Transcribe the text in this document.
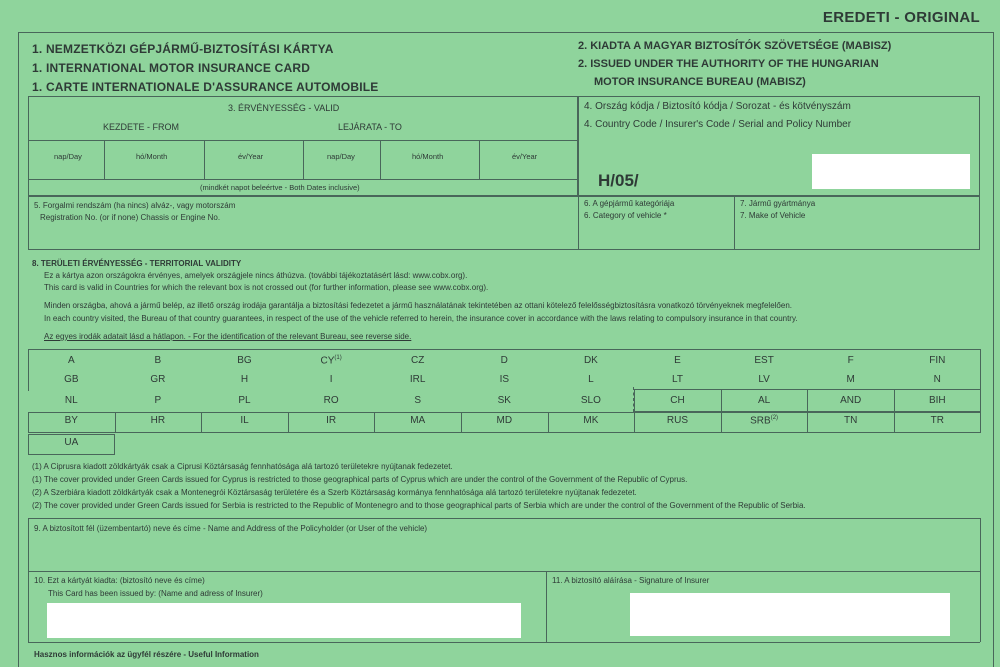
EREDETI - ORIGINAL
1. NEMZETKÖZI GÉPJÁRMŰ-BIZTOSÍTÁSI KÁRTYA
1. INTERNATIONAL MOTOR INSURANCE CARD
1. CARTE INTERNATIONALE D'ASSURANCE AUTOMOBILE
2. KIADTA A MAGYAR BIZTOSÍTÓK SZÖVETSÉGE (MABISZ)
2. ISSUED UNDER THE AUTHORITY OF THE HUNGARIAN
MOTOR INSURANCE BUREAU (MABISZ)
3. ÉRVÉNYESSÉG - VALID
KEZDETE - FROM	LEJÁRATA - TO
nap/Day	hó/Month	év/Year	nap/Day	hó/Month	év/Year
(mindkét napot beleértve - Both Dates inclusive)
4. Ország kódja / Biztosító kódja / Sorozat - és kötvényszám
4. Country Code / Insurer's Code / Serial and Policy Number
H/05/
5. Forgalmi rendszám (ha nincs) alváz-, vagy motorszám
Registration No. (or if none) Chassis or Engine No.
6. A gépjármű kategóriája
6. Category of vehicle *
7. Jármű gyártmánya
7. Make of Vehicle
8. TERÜLETI ÉRVÉNYESSÉG - TERRITORIAL VALIDITY
Ez a kártya azon országokra érvényes, amelyek országjele nincs áthúzva. (további tájékoztatásért lásd: www.cobx.org).
This card is valid in Countries for which the relevant box is not crossed out (for further information, please see www.cobx.org).
Minden országba, ahová a jármű belép, az illető ország irodája garantálja a biztosítási fedezetet a jármű használatának tekintetében az ottani kötelező felelősségbiztosításra vonatkozó törvényeknek megfelelően.
In each country visited, the Bureau of that country guarantees, in respect of the use of the vehicle referred to herein, the insurance cover in accordance with the laws relating to compulsory insurance in that country.
Az egyes irodák adatait lásd a hátlapon. - For the identification of the relevant Bureau, see reverse side.
A	B	BG	CY$^{(1)}$	CZ	D	DK	E	EST	F	FIN
GB	GR	H	I	IRL	IS	L	LT	LV	M	N
NL	P	PL	RO	S	SK	SLO	CH	AL	AND	BIH
BY	HR	IL	IR	MA	MD	MK	RUS	SRB$^{(2)}$	TN	TR
UA
(1) A Ciprusra kiadott zöldkártyák csak a Ciprusi Köztársaság fennhatósága alá tartozó területekre nyújtanak fedezetet.
(1) The cover provided under Green Cards issued for Cyprus is restricted to those geographical parts of Cyprus which are under the control of the Government of the Republic of Cyprus.
(2) A Szerbiára kiadott zöldkártyák csak a Montenegrói Köztársaság területére és a Szerb Köztársaság kormánya fennhatósága alá tartozó területekre nyújtanak fedezetet.
(2) The cover provided under Green Cards issued for Serbia is restricted to the Republic of Montenegro and to those geographical parts of Serbia which are under the control of the Government of the Republic of Serbia.
9. A biztosított fél (üzembentartó) neve és címe - Name and Address of the Policyholder (or User of the vehicle)
10. Ezt a kártyát kiadta: (biztosító neve és címe)
This Card has been issued by: (Name and adress of Insurer)
11. A biztosító aláírása - Signature of Insurer
Hasznos információk az ügyfél részére - Useful Information
